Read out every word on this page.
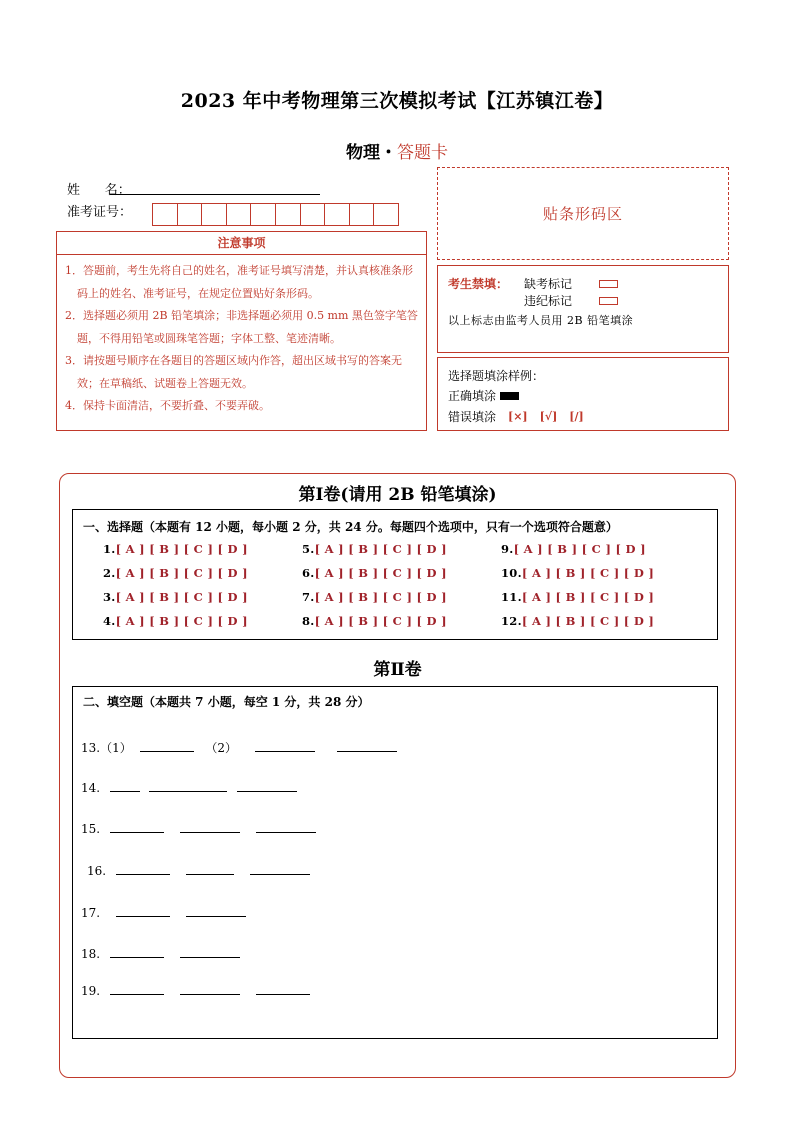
2023 年中考物理第三次模拟考试【江苏镇江卷】
物理・答题卡
姓      名：
准考证号：
注意事项
1．答题前，考生先将自己的姓名，准考证号填写清楚，并认真核准条形码上的姓名、准考证号，在规定位置贴好条形码。
2．选择题必须用 2B 铅笔填涂；非选择题必须用 0.5 mm 黑色签字笔答题，不得用铅笔或圆珠笔答题；字体工整、笔迹清晰。
3．请按题号顺序在各题目的答题区域内作答，超出区域书写的答案无效；在草稿纸、试题卷上答题无效。
4．保持卡面清洁，不要折叠、不要弄破。
贴条形码区
考生禁填： 缺考标记
违纪标记
以上标志由监考人员用 2B 铅笔填涂
选择题填涂样例：
正确填涂
错误填涂 [×] [√] [/]
第Ⅰ卷(请用 2B 铅笔填涂)
一、选择题（本题有 12 小题，每小题 2 分，共 24 分。每题四个选项中，只有一个选项符合题意）
1.[ A ] [ B ] [ C ] [ D ]
2.[ A ] [ B ] [ C ] [ D ]
3.[ A ] [ B ] [ C ] [ D ]
4.[ A ] [ B ] [ C ] [ D ]
5.[ A ] [ B ] [ C ] [ D ]
6.[ A ] [ B ] [ C ] [ D ]
7.[ A ] [ B ] [ C ] [ D ]
8.[ A ] [ B ] [ C ] [ D ]
9.[ A ] [ B ] [ C ] [ D ]
10.[ A ] [ B ] [ C ] [ D ]
11.[ A ] [ B ] [ C ] [ D ]
12.[ A ] [ B ] [ C ] [ D ]
第Ⅱ卷
二、填空题（本题共 7 小题，每空 1 分，共 28 分）
13.（1）	（2）
14.
15.
16.
17.
18.
19.
